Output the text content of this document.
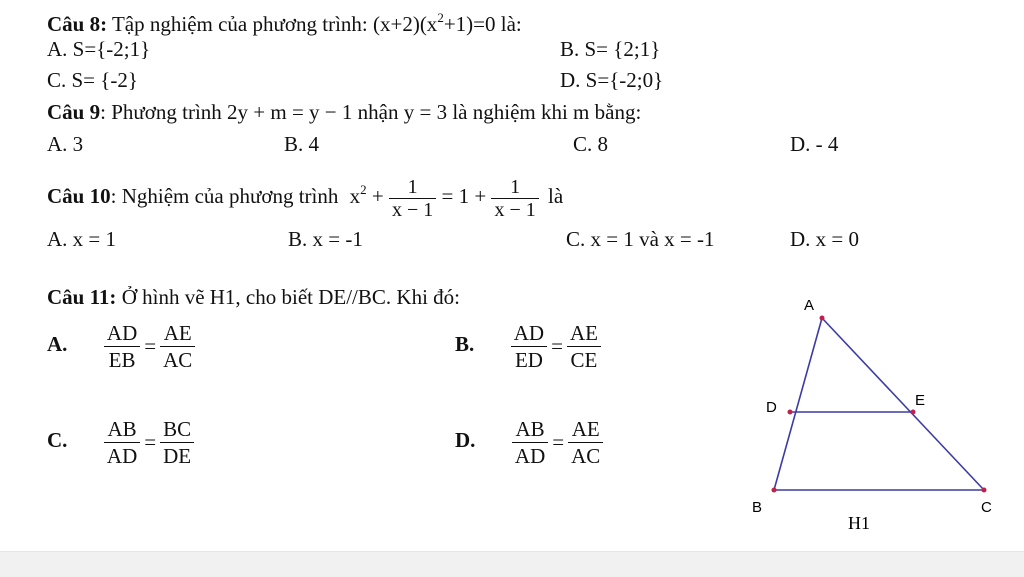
Câu 8: Tập nghiệm của phương trình: $(x+2)(x^2+1)=0$ là:
A. S={-2;1}	B. S= {2;1}
C. S= {-2}	D. S={-2;0}
Câu 9: Phương trình 2y + m = y − 1 nhận y = 3 là nghiệm khi m bằng:
A. 3	B. 4	C. 8	D. - 4
Câu 10: Nghiệm của phương trình $x^2 + \frac{1}{x - 1} = 1 + \frac{1}{x - 1}$ là
A. x = 1	B. x = -1	C. x = 1 và x = -1	D. x = 0
Câu 11: Ở hình vẽ H1, cho biết DE//BC. Khi đó:
A. $\frac{AD}{EB} = \frac{AE}{AC}$	B. $\frac{AD}{ED} = \frac{AE}{CE}$
C. $\frac{AB}{AD} = \frac{BC}{DE}$	D. $\frac{AB}{AD} = \frac{AE}{AC}$
A
B	C
D	E
H1
